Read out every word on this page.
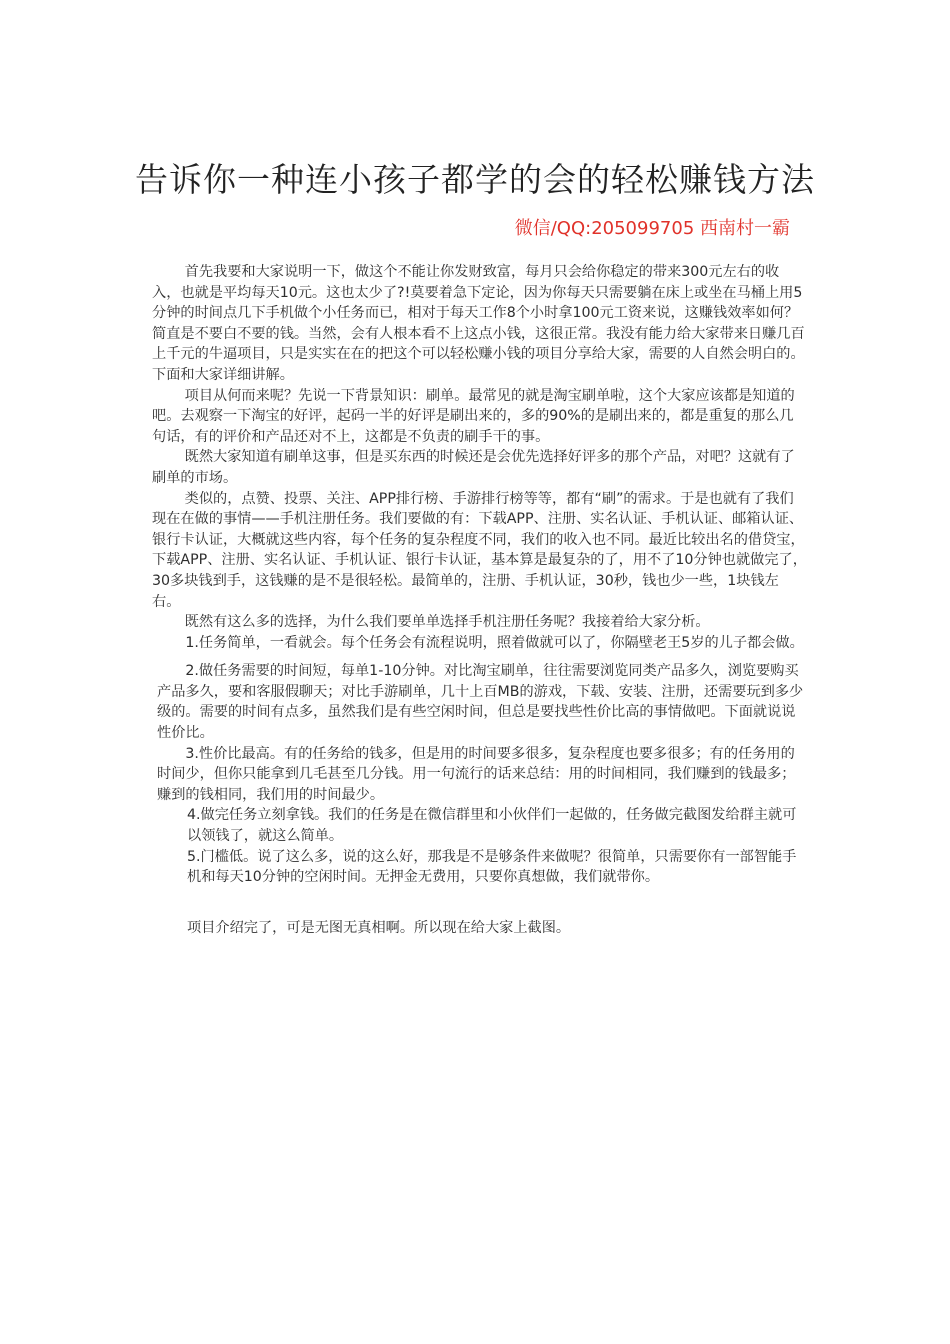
告诉你一种连小孩子都学的会的轻松赚钱方法

微信/QQ:205099705 西南村一霸

首先我要和大家说明一下，做这个不能让你发财致富，每月只会给你稳定的带来300元左右的收入，也就是平均每天10元。这也太少了?!莫要着急下定论，因为你每天只需要躺在床上或坐在马桶上用5分钟的时间点几下手机做个小任务而已，相对于每天工作8个小时拿100元工资来说，这赚钱效率如何？简直是不要白不要的钱。当然，会有人根本看不上这点小钱，这很正常。我没有能力给大家带来日赚几百上千元的牛逼项目，只是实实在在的把这个可以轻松赚小钱的项目分享给大家，需要的人自然会明白的。下面和大家详细讲解。

项目从何而来呢？先说一下背景知识：刷单。最常见的就是淘宝刷单啦，这个大家应该都是知道的吧。去观察一下淘宝的好评，起码一半的好评是刷出来的，多的90%的是刷出来的，都是重复的那么几句话，有的评价和产品还对不上，这都是不负责的刷手干的事。

既然大家知道有刷单这事，但是买东西的时候还是会优先选择好评多的那个产品，对吧？这就有了刷单的市场。

类似的，点赞、投票、关注、APP排行榜、手游排行榜等等，都有“刷”的需求。于是也就有了我们现在在做的事情——手机注册任务。我们要做的有：下载APP、注册、实名认证、手机认证、邮箱认证、银行卡认证，大概就这些内容，每个任务的复杂程度不同，我们的收入也不同。最近比较出名的借贷宝，下载APP、注册、实名认证、手机认证、银行卡认证，基本算是最复杂的了，用不了10分钟也就做完了，30多块钱到手，这钱赚的是不是很轻松。最简单的，注册、手机认证，30秒，钱也少一些，1块钱左右。

既然有这么多的选择，为什么我们要单单选择手机注册任务呢？我接着给大家分析。

1.任务简单，一看就会。每个任务会有流程说明，照着做就可以了，你隔壁老王5岁的儿子都会做。

2.做任务需要的时间短，每单1-10分钟。对比淘宝刷单，往往需要浏览同类产品多久，浏览要购买产品多久，要和客服假聊天；对比手游刷单，几十上百MB的游戏，下载、安装、注册，还需要玩到多少级的。需要的时间有点多，虽然我们是有些空闲时间，但总是要找些性价比高的事情做吧。下面就说说性价比。

3.性价比最高。有的任务给的钱多，但是用的时间要多很多，复杂程度也要多很多；有的任务用的时间少，但你只能拿到几毛甚至几分钱。用一句流行的话来总结：用的时间相同，我们赚到的钱最多；赚到的钱相同，我们用的时间最少。

4.做完任务立刻拿钱。我们的任务是在微信群里和小伙伴们一起做的，任务做完截图发给群主就可以领钱了，就这么简单。

5.门槛低。说了这么多，说的这么好，那我是不是够条件来做呢？很简单，只需要你有一部智能手机和每天10分钟的空闲时间。无押金无费用，只要你真想做，我们就带你。

项目介绍完了，可是无图无真相啊。所以现在给大家上截图。
